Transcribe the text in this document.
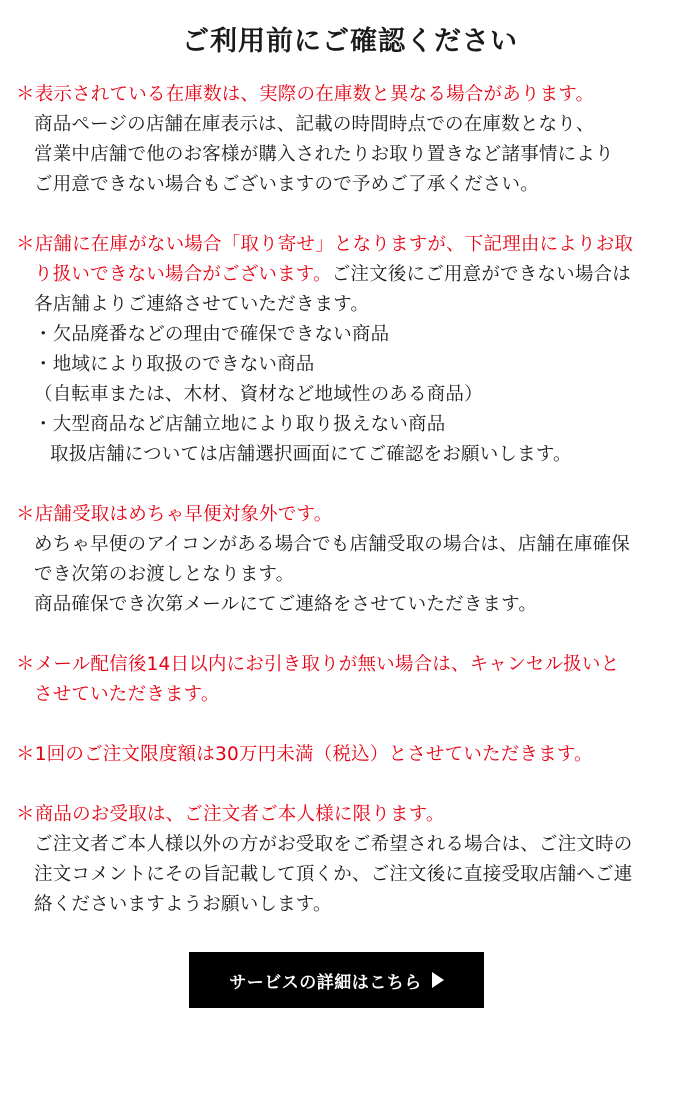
ご利用前にご確認ください
＊表示されている在庫数は、実際の在庫数と異なる場合があります。
商品ページの店舗在庫表示は、記載の時間時点での在庫数となり、
営業中店舗で他のお客様が購入されたりお取り置きなど諸事情により
ご用意できない場合もございますので予めご了承ください。
＊店舗に在庫がない場合「取り寄せ」となりますが、下記理由によりお取
り扱いできない場合がございます。ご注文後にご用意ができない場合は
各店舗よりご連絡させていただきます。
・欠品廃番などの理由で確保できない商品
・地域により取扱のできない商品
（自転車または、木材、資材など地域性のある商品）
・大型商品など店舗立地により取り扱えない商品
取扱店舗については店舗選択画面にてご確認をお願いします。
＊店舗受取はめちゃ早便対象外です。
めちゃ早便のアイコンがある場合でも店舗受取の場合は、店舗在庫確保
でき次第のお渡しとなります。
商品確保でき次第メールにてご連絡をさせていただきます。
＊メール配信後14日以内にお引き取りが無い場合は、キャンセル扱いと
させていただきます。
＊1回のご注文限度額は30万円未満（税込）とさせていただきます。
＊商品のお受取は、ご注文者ご本人様に限ります。
ご注文者ご本人様以外の方がお受取をご希望される場合は、ご注文時の
注文コメントにその旨記載して頂くか、ご注文後に直接受取店舗へご連
絡くださいますようお願いします。
サービスの詳細はこちら
